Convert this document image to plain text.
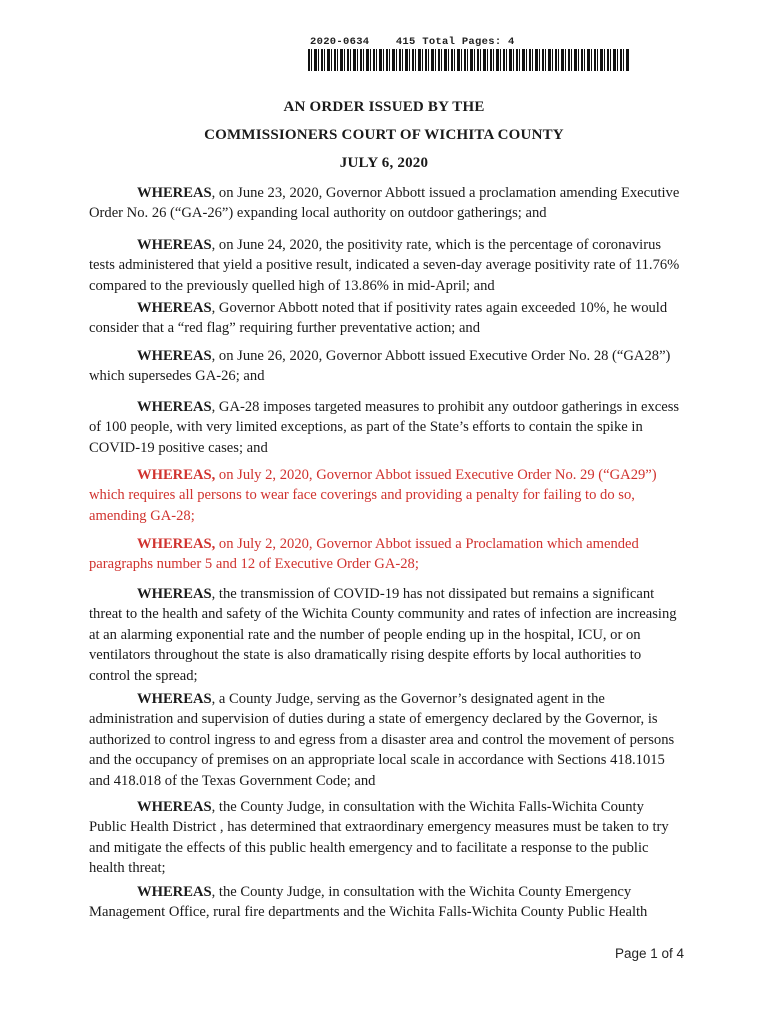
2020-0634    415 Total Pages: 4
AN ORDER ISSUED BY THE
COMMISSIONERS COURT OF WICHITA COUNTY
JULY 6, 2020

WHEREAS, on June 23, 2020, Governor Abbott issued a proclamation amending Executive Order No. 26 (“GA-26”) expanding local authority on outdoor gatherings; and

WHEREAS, on June 24, 2020, the positivity rate, which is the percentage of coronavirus tests administered that yield a positive result, indicated a seven-day average positivity rate of 11.76% compared to the previously quelled high of 13.86% in mid-April; and

WHEREAS, Governor Abbott noted that if positivity rates again exceeded 10%, he would consider that a “red flag” requiring further preventative action; and

WHEREAS, on June 26, 2020, Governor Abbott issued Executive Order No. 28 (“GA28”) which supersedes GA-26; and

WHEREAS, GA-28 imposes targeted measures to prohibit any outdoor gatherings in excess of 100 people, with very limited exceptions, as part of the State’s efforts to contain the spike in COVID-19 positive cases; and

WHEREAS, on July 2, 2020, Governor Abbot issued Executive Order No. 29 (“GA29”) which requires all persons to wear face coverings and providing a penalty for failing to do so, amending GA-28;

WHEREAS, on July 2, 2020, Governor Abbot issued a Proclamation which amended paragraphs number 5 and 12 of Executive Order GA-28;

WHEREAS, the transmission of COVID-19 has not dissipated but remains a significant threat to the health and safety of the Wichita County community and rates of infection are increasing at an alarming exponential rate and the number of people ending up in the hospital, ICU, or on ventilators throughout the state is also dramatically rising despite efforts by local authorities to control the spread;

WHEREAS, a County Judge, serving as the Governor’s designated agent in the administration and supervision of duties during a state of emergency declared by the Governor, is authorized to control ingress to and egress from a disaster area and control the movement of persons and the occupancy of premises on an appropriate local scale in accordance with Sections 418.1015 and 418.018 of the Texas Government Code; and

WHEREAS, the County Judge, in consultation with the Wichita Falls-Wichita County Public Health District , has determined that extraordinary emergency measures must be taken to try and mitigate the effects of this public health emergency and to facilitate a response to the public health threat;

WHEREAS, the County Judge, in consultation with the Wichita County Emergency Management Office, rural fire departments and the Wichita Falls-Wichita County Public Health

Page 1 of 4
